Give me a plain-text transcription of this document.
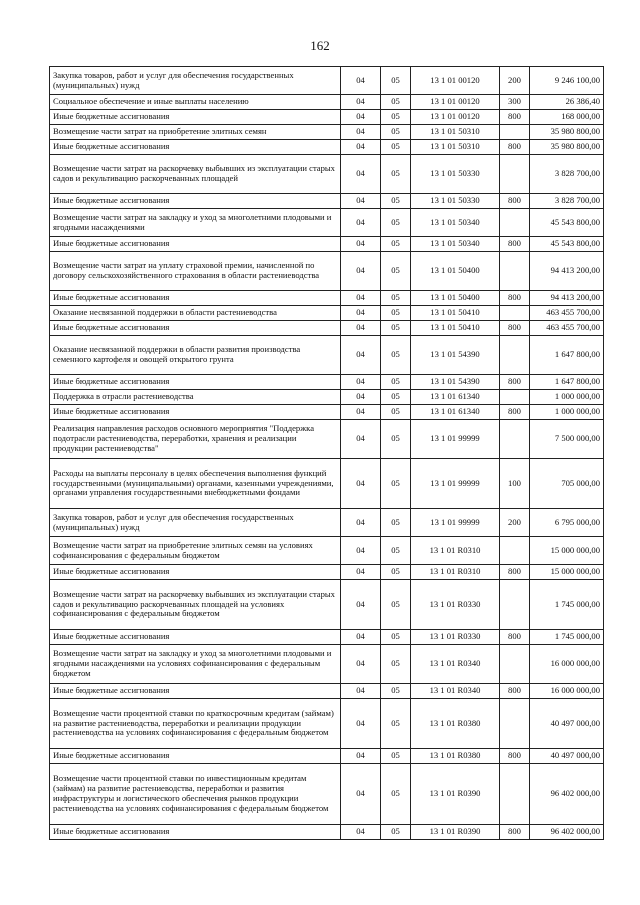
162
Закупка товаров, работ и услуг для обеспечения государственных (муниципальных) нужд	04	05	13 1 01 00120	200	9 246 100,00
Социальное обеспечение и иные выплаты населению	04	05	13 1 01 00120	300	26 386,40
Иные бюджетные ассигнования	04	05	13 1 01 00120	800	168 000,00
Возмещение части затрат на приобретение элитных семян	04	05	13 1 01 50310		35 980 800,00
Иные бюджетные ассигнования	04	05	13 1 01 50310	800	35 980 800,00
Возмещение части затрат на раскорчевку выбывших из эксплуатации старых садов и рекультивацию раскорчеванных площадей	04	05	13 1 01 50330		3 828 700,00
Иные бюджетные ассигнования	04	05	13 1 01 50330	800	3 828 700,00
Возмещение части затрат на закладку и уход за многолетними плодовыми и ягодными насаждениями	04	05	13 1 01 50340		45 543 800,00
Иные бюджетные ассигнования	04	05	13 1 01 50340	800	45 543 800,00
Возмещение части затрат на уплату страховой премии, начисленной по договору сельскохозяйственного страхования в области растениеводства	04	05	13 1 01 50400		94 413 200,00
Иные бюджетные ассигнования	04	05	13 1 01 50400	800	94 413 200,00
Оказание несвязанной поддержки в области растениеводства	04	05	13 1 01 50410		463 455 700,00
Иные бюджетные ассигнования	04	05	13 1 01 50410	800	463 455 700,00
Оказание несвязанной поддержки в области развития производства семенного картофеля и овощей открытого грунта	04	05	13 1 01 54390		1 647 800,00
Иные бюджетные ассигнования	04	05	13 1 01 54390	800	1 647 800,00
Поддержка в отрасли растениеводства	04	05	13 1 01 61340		1 000 000,00
Иные бюджетные ассигнования	04	05	13 1 01 61340	800	1 000 000,00
Реализация направления расходов основного мероприятия "Поддержка подотрасли растениеводства, переработки, хранения и реализации продукции растениеводства"	04	05	13 1 01 99999		7 500 000,00
Расходы на выплаты персоналу в целях обеспечения выполнения функций государственными (муниципальными) органами, казенными учреждениями, органами управления государственными внебюджетными фондами	04	05	13 1 01 99999	100	705 000,00
Закупка товаров, работ и услуг для обеспечения государственных (муниципальных) нужд	04	05	13 1 01 99999	200	6 795 000,00
Возмещение части затрат на приобретение элитных семян на условиях софинансирования с федеральным бюджетом	04	05	13 1 01 R0310		15 000 000,00
Иные бюджетные ассигнования	04	05	13 1 01 R0310	800	15 000 000,00
Возмещение части затрат на раскорчевку выбывших из эксплуатации старых садов и рекультивацию раскорчеванных площадей на условиях софинансирования с федеральным бюджетом	04	05	13 1 01 R0330		1 745 000,00
Иные бюджетные ассигнования	04	05	13 1 01 R0330	800	1 745 000,00
Возмещение части затрат на закладку и уход за многолетними плодовыми и ягодными насаждениями на условиях софинансирования с федеральным бюджетом	04	05	13 1 01 R0340		16 000 000,00
Иные бюджетные ассигнования	04	05	13 1 01 R0340	800	16 000 000,00
Возмещение части процентной ставки по краткосрочным кредитам (займам) на развитие растениеводства, переработки и реализации продукции растениеводства на условиях софинансирования с федеральным бюджетом	04	05	13 1 01 R0380		40 497 000,00
Иные бюджетные ассигнования	04	05	13 1 01 R0380	800	40 497 000,00
Возмещение части процентной ставки по инвестиционным кредитам (займам) на развитие растениеводства, переработки и развития инфраструктуры и логистического обеспечения рынков продукции растениеводства на условиях софинансирования с федеральным бюджетом	04	05	13 1 01 R0390		96 402 000,00
Иные бюджетные ассигнования	04	05	13 1 01 R0390	800	96 402 000,00
